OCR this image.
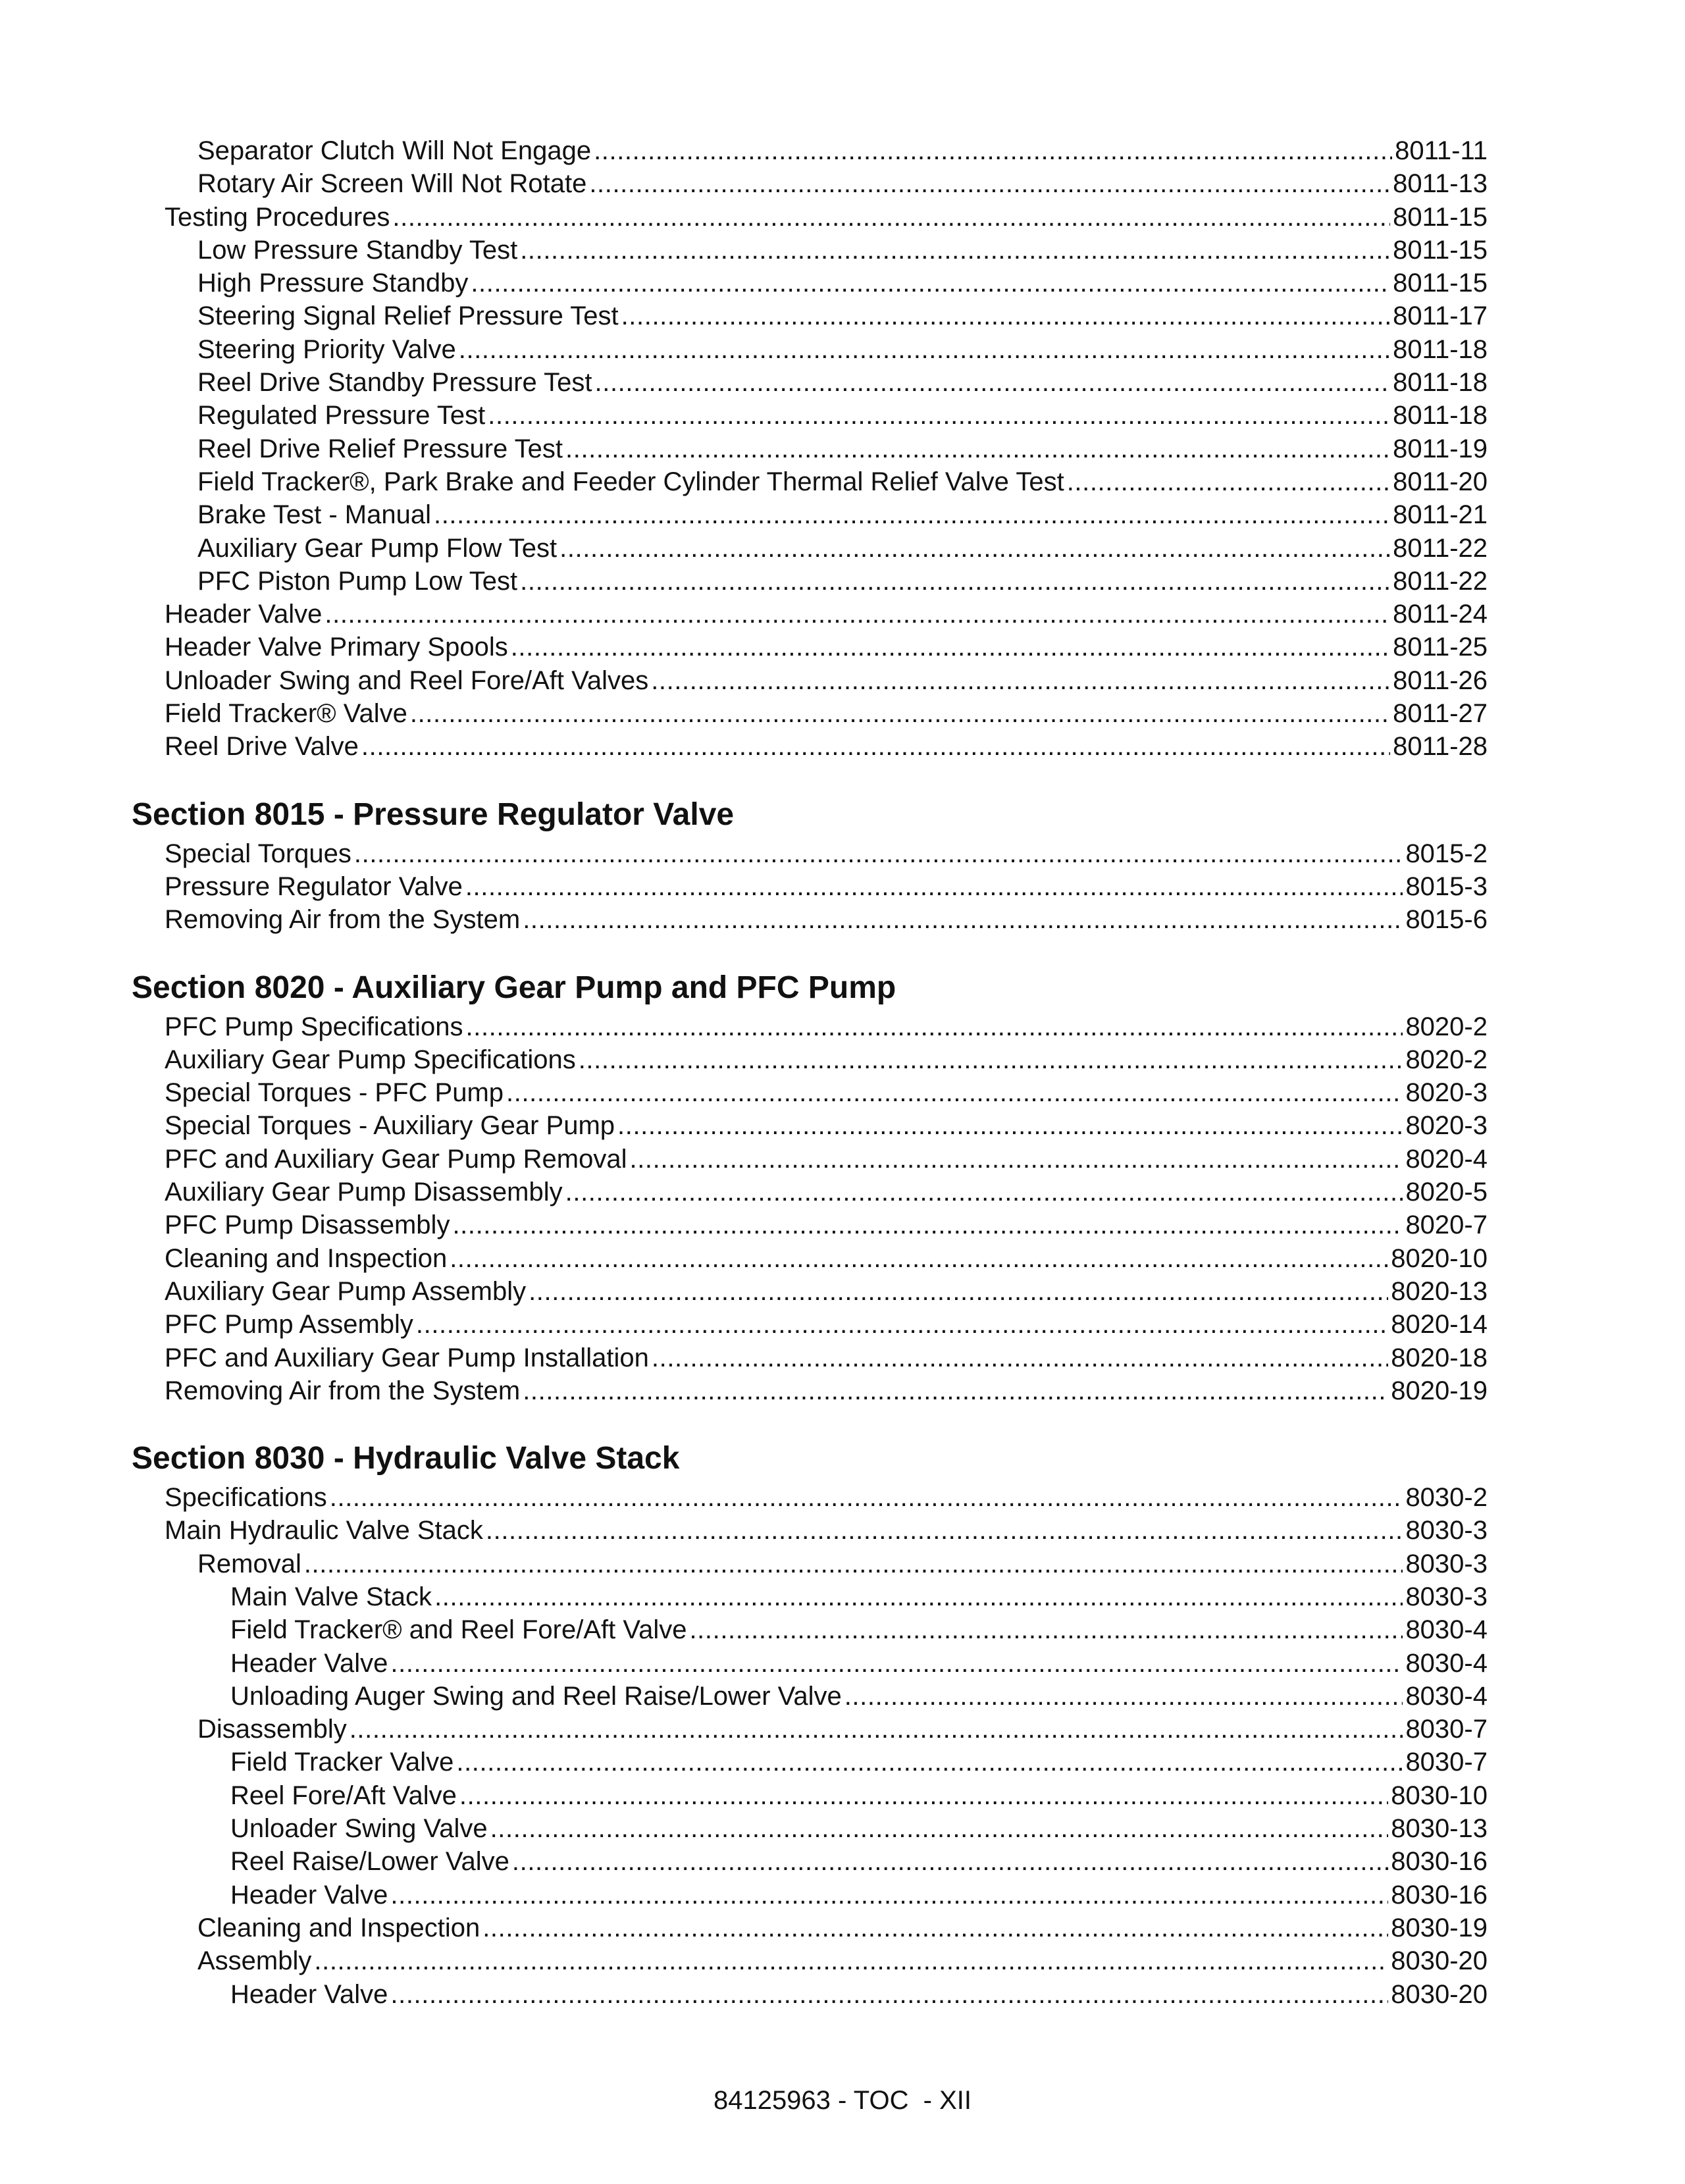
Separator Clutch Will Not Engage .....	8011-11
Rotary Air Screen Will Not Rotate .....	8011-13
Testing Procedures .....	8011-15
Low Pressure Standby Test .....	8011-15
High Pressure Standby .....	8011-15
Steering Signal Relief Pressure Test .....	8011-17
Steering Priority Valve .....	8011-18
Reel Drive Standby Pressure Test .....	8011-18
Regulated Pressure Test .....	8011-18
Reel Drive Relief Pressure Test .....	8011-19
Field Tracker®, Park Brake and Feeder Cylinder Thermal Relief Valve Test .....	8011-20
Brake Test - Manual .....	8011-21
Auxiliary Gear Pump Flow Test .....	8011-22
PFC Piston Pump Low Test .....	8011-22
Header Valve .....	8011-24
Header Valve Primary Spools .....	8011-25
Unloader Swing and Reel Fore/Aft Valves .....	8011-26
Field Tracker® Valve .....	8011-27
Reel Drive Valve .....	8011-28
Section 8015 - Pressure Regulator Valve
Special Torques .....	8015-2
Pressure Regulator Valve .....	8015-3
Removing Air from the System .....	8015-6
Section 8020 - Auxiliary Gear Pump and PFC Pump
PFC Pump Specifications .....	8020-2
Auxiliary Gear Pump Specifications .....	8020-2
Special Torques - PFC Pump .....	8020-3
Special Torques - Auxiliary Gear Pump .....	8020-3
PFC and Auxiliary Gear Pump Removal .....	8020-4
Auxiliary Gear Pump Disassembly .....	8020-5
PFC Pump Disassembly .....	8020-7
Cleaning and Inspection .....	8020-10
Auxiliary Gear Pump Assembly .....	8020-13
PFC Pump Assembly .....	8020-14
PFC and Auxiliary Gear Pump Installation .....	8020-18
Removing Air from the System .....	8020-19
Section 8030 - Hydraulic Valve Stack
Specifications .....	8030-2
Main Hydraulic Valve Stack .....	8030-3
Removal .....	8030-3
Main Valve Stack .....	8030-3
Field Tracker® and Reel Fore/Aft Valve .....	8030-4
Header Valve .....	8030-4
Unloading Auger Swing and Reel Raise/Lower Valve .....	8030-4
Disassembly .....	8030-7
Field Tracker Valve .....	8030-7
Reel Fore/Aft Valve .....	8030-10
Unloader Swing Valve .....	8030-13
Reel Raise/Lower Valve .....	8030-16
Header Valve .....	8030-16
Cleaning and Inspection .....	8030-19
Assembly .....	8030-20
Header Valve .....	8030-20
84125963 - TOC  - XII
